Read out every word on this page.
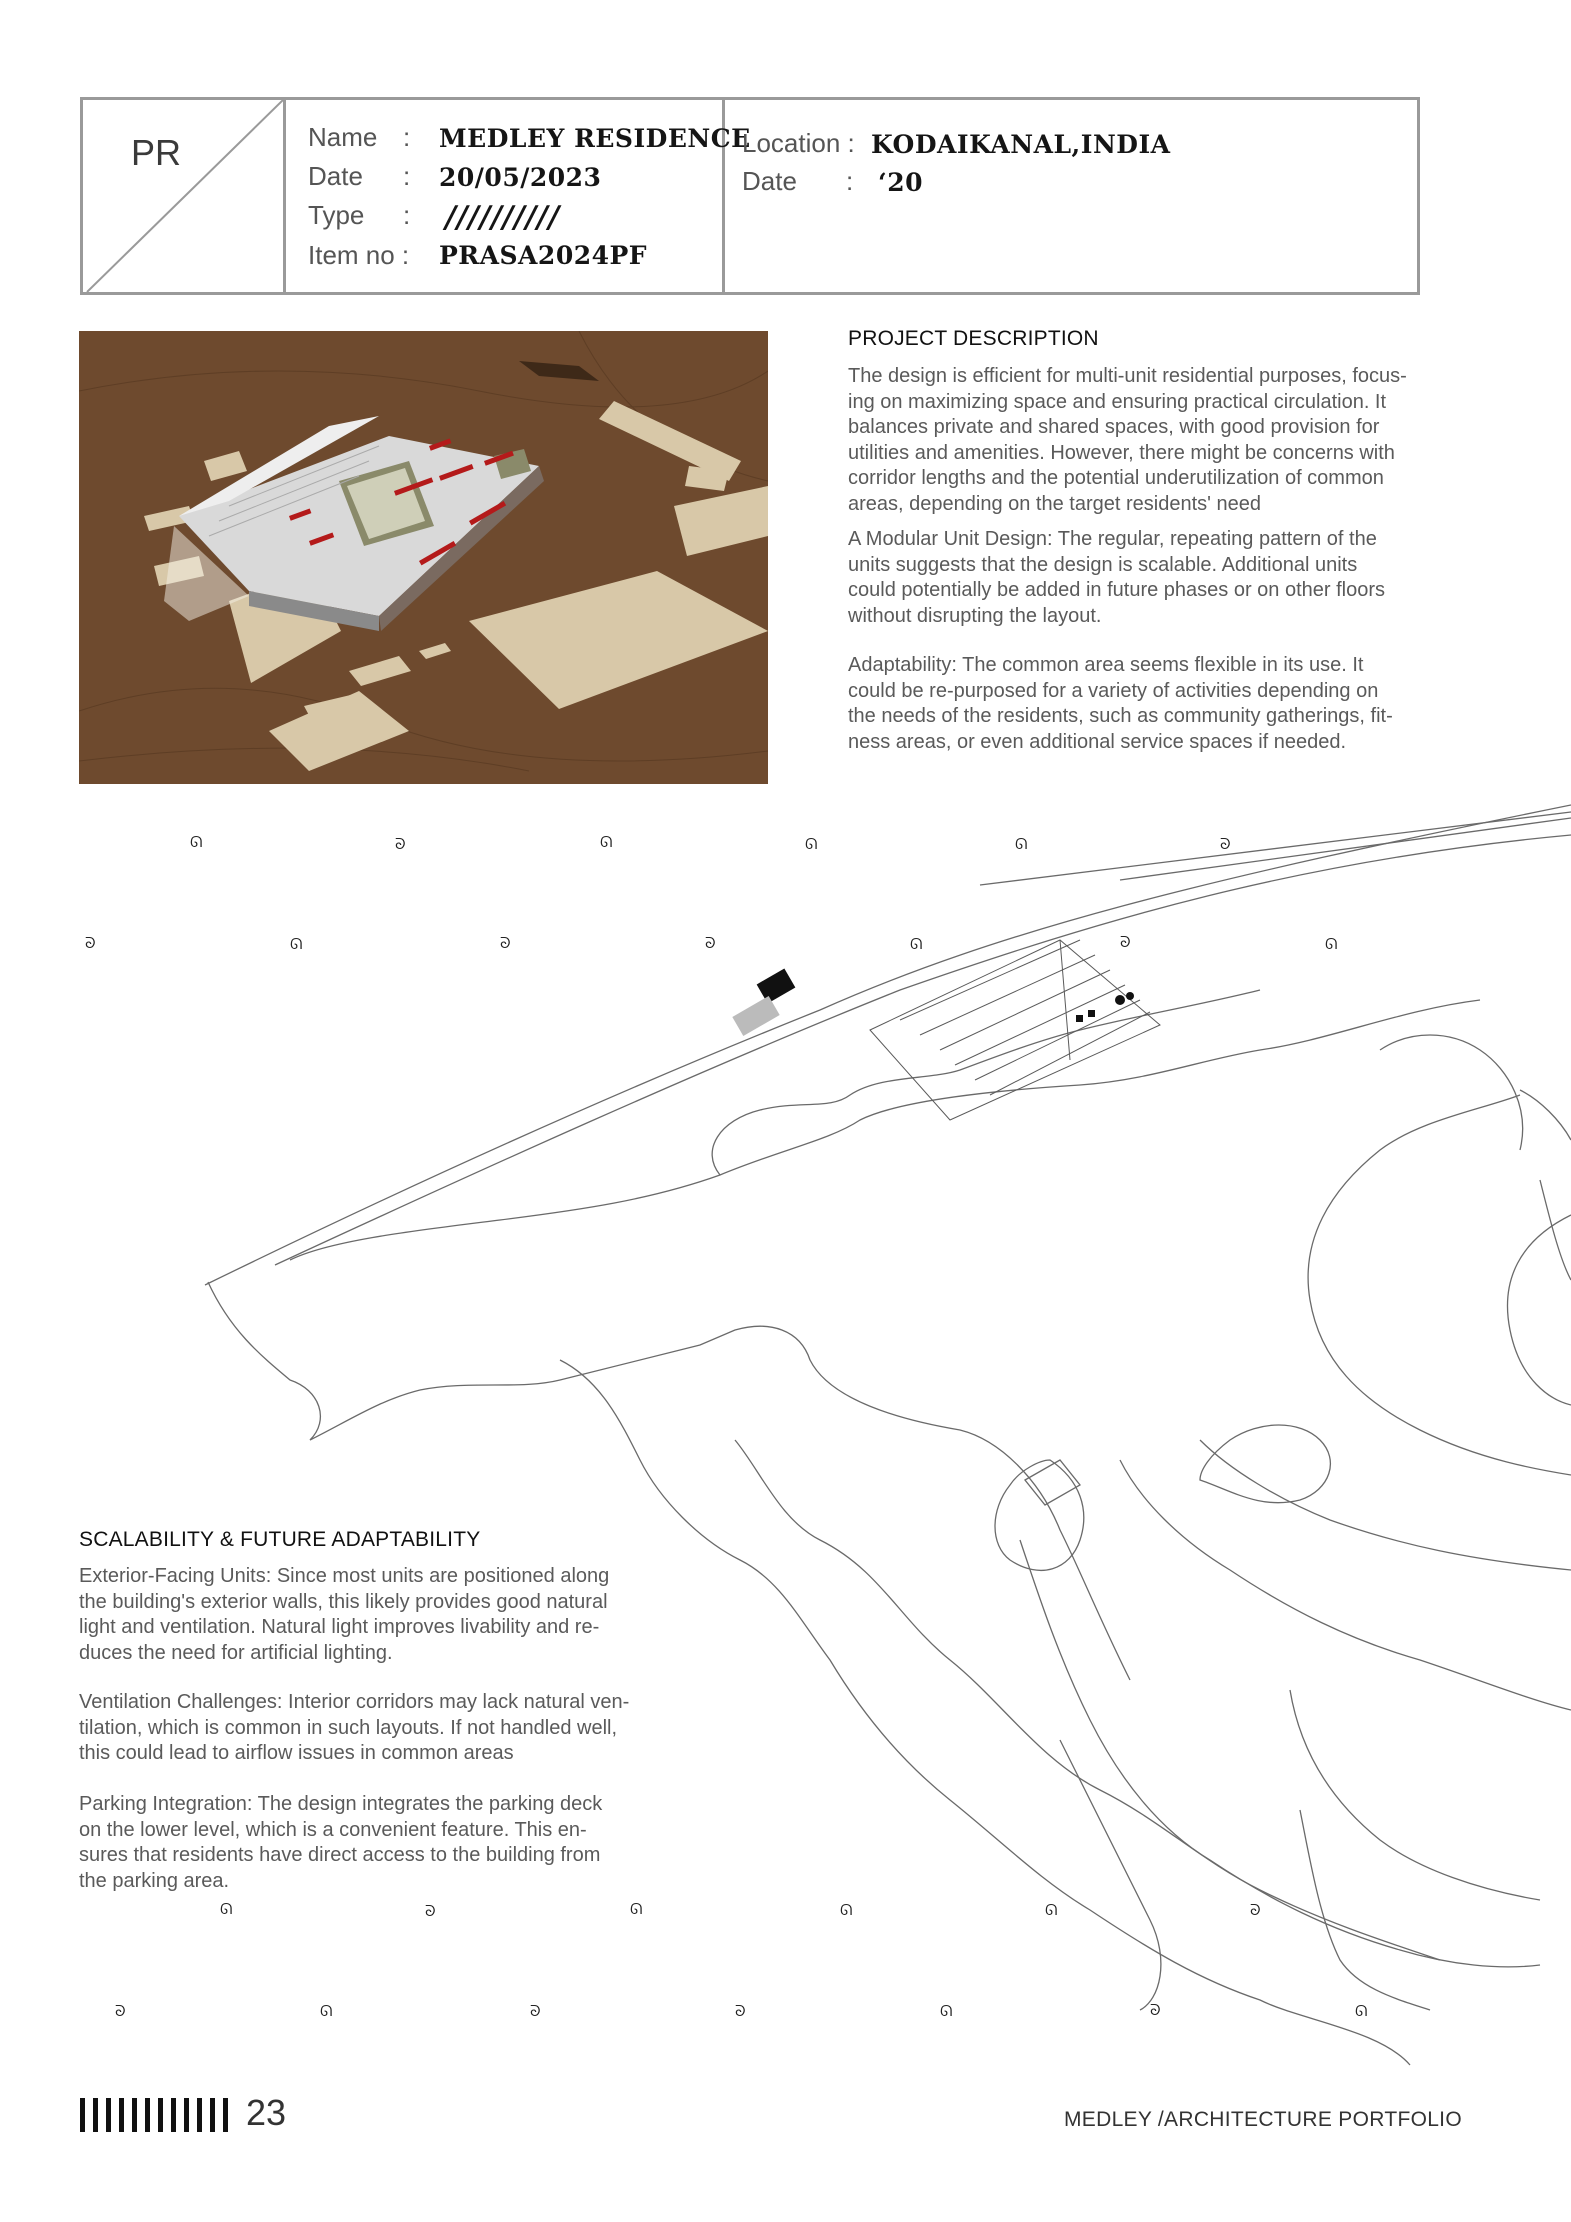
PR	Name : MEDLEY RESIDENCE
Date : 20/05/2023
Type : //////////
Item no : PRASA2024PF
Location : KODAIKANAL,INDIA
Date : ‘20
PROJECT DESCRIPTION

The design is efficient for multi-unit residential purposes, focus-
ing on maximizing space and ensuring practical circulation. It
balances private and shared spaces, with good provision for
utilities and amenities. However, there might be concerns with
corridor lengths and the potential underutilization of common
areas, depending on the target residents' need

A Modular Unit Design: The regular, repeating pattern of the
units suggests that the design is scalable. Additional units
could potentially be added in future phases or on other floors
without disrupting the layout.

Adaptability: The common area seems flexible in its use. It
could be re-purposed for a variety of activities depending on
the needs of the residents, such as community gatherings, fit-
ness areas, or even additional service spaces if needed.

ᘏ	ᘐ	ᘏ	ᘏ	ᘏ	ᘐ
ᘐ	ᘏ	ᘐ	ᘐ	ᘏ	ᘐ	ᘏ
ᘏ	ᘐ	ᘏ	ᘏ	ᘏ	ᘐ
ᘐ	ᘏ	ᘐ	ᘐ	ᘏ	ᘐ	ᘏ
SCALABILITY & FUTURE ADAPTABILITY

Exterior-Facing Units: Since most units are positioned along
the building's exterior walls, this likely provides good natural
light and ventilation. Natural light improves livability and re-
duces the need for artificial lighting.

Ventilation Challenges: Interior corridors may lack natural ven-
tilation, which is common in such layouts. If not handled well,
this could lead to airflow issues in common areas

Parking Integration: The design integrates the parking deck
on the lower level, which is a convenient feature. This en-
sures that residents have direct access to the building from
the parking area.

23	MEDLEY /ARCHITECTURE PORTFOLIO
